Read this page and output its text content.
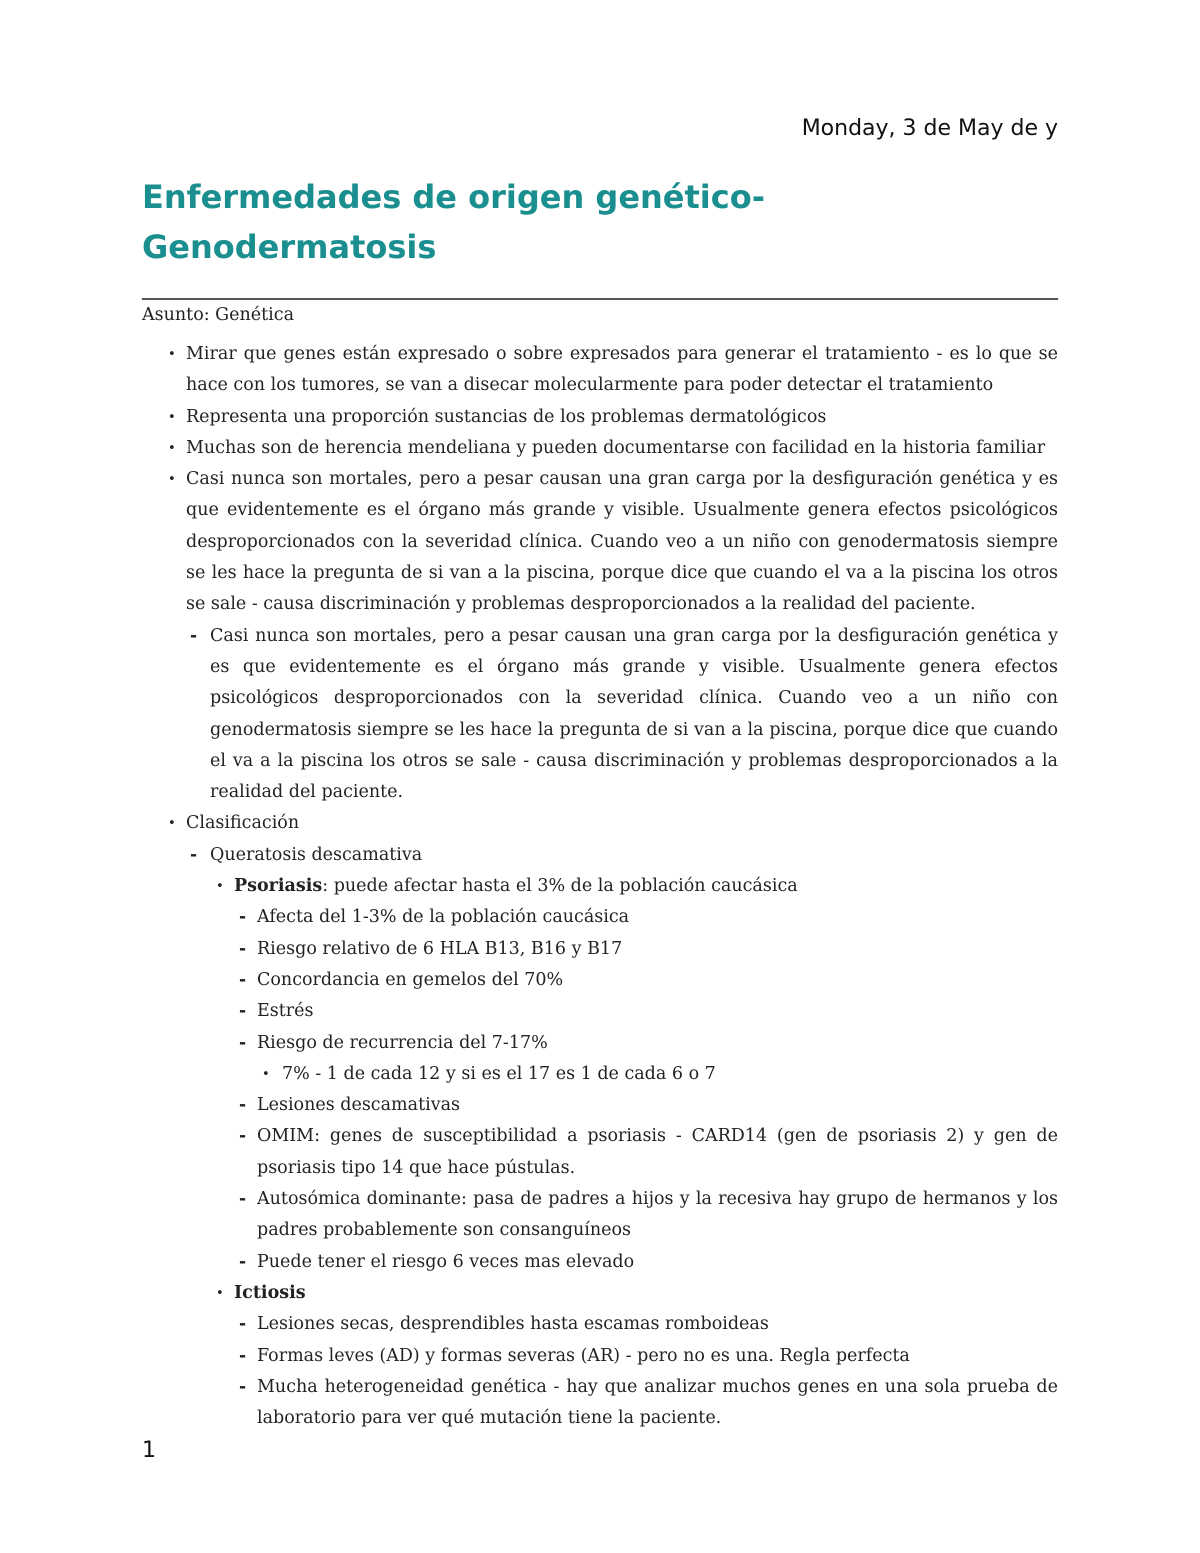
Monday, 3 de May de y
Enfermedades de origen genético-
Genodermatosis
Asunto: Genética
• Mirar que genes están expresado o sobre expresados para generar el tratamiento - es lo que se hace con los tumores, se van a disecar molecularmente para poder detectar el tratamiento
• Representa una proporción sustancias de los problemas dermatológicos
• Muchas son de herencia mendeliana y pueden documentarse con facilidad en la historia familiar
• Casi nunca son mortales, pero a pesar causan una gran carga por la desfiguración genética y es que evidentemente es el órgano más grande y visible. Usualmente genera efectos psicológicos desproporcionados con la severidad clínica. Cuando veo a un niño con genodermatosis siempre se les hace la pregunta de si van a la piscina, porque dice que cuando el va a la piscina los otros se sale - causa discriminación y problemas desproporcionados a la realidad del paciente.
- Casi nunca son mortales, pero a pesar causan una gran carga por la desfiguración genética y es que evidentemente es el órgano más grande y visible. Usualmente genera efectos psicológicos desproporcionados con la severidad clínica. Cuando veo a un niño con genodermatosis siempre se les hace la pregunta de si van a la piscina, porque dice que cuando el va a la piscina los otros se sale - causa discriminación y problemas desproporcionados a la realidad del paciente.
• Clasificación
- Queratosis descamativa
• Psoriasis: puede afectar hasta el 3% de la población caucásica
- Afecta del 1-3% de la población caucásica
- Riesgo relativo de 6 HLA B13, B16 y B17
- Concordancia en gemelos del 70%
- Estrés
- Riesgo de recurrencia del 7-17%
• 7% - 1 de cada 12 y si es el 17 es 1 de cada 6 o 7
- Lesiones descamativas
- OMIM: genes de susceptibilidad a psoriasis - CARD14 (gen de psoriasis 2) y gen de psoriasis tipo 14 que hace pústulas.
- Autosómica dominante: pasa de padres a hijos y la recesiva hay grupo de hermanos y los padres probablemente son consanguíneos
- Puede tener el riesgo 6 veces mas elevado
• Ictiosis
- Lesiones secas, desprendibles hasta escamas romboideas
- Formas leves (AD) y formas severas (AR) - pero no es una. Regla perfecta
- Mucha heterogeneidad genética - hay que analizar muchos genes en una sola prueba de laboratorio para ver qué mutación tiene la paciente.
1
